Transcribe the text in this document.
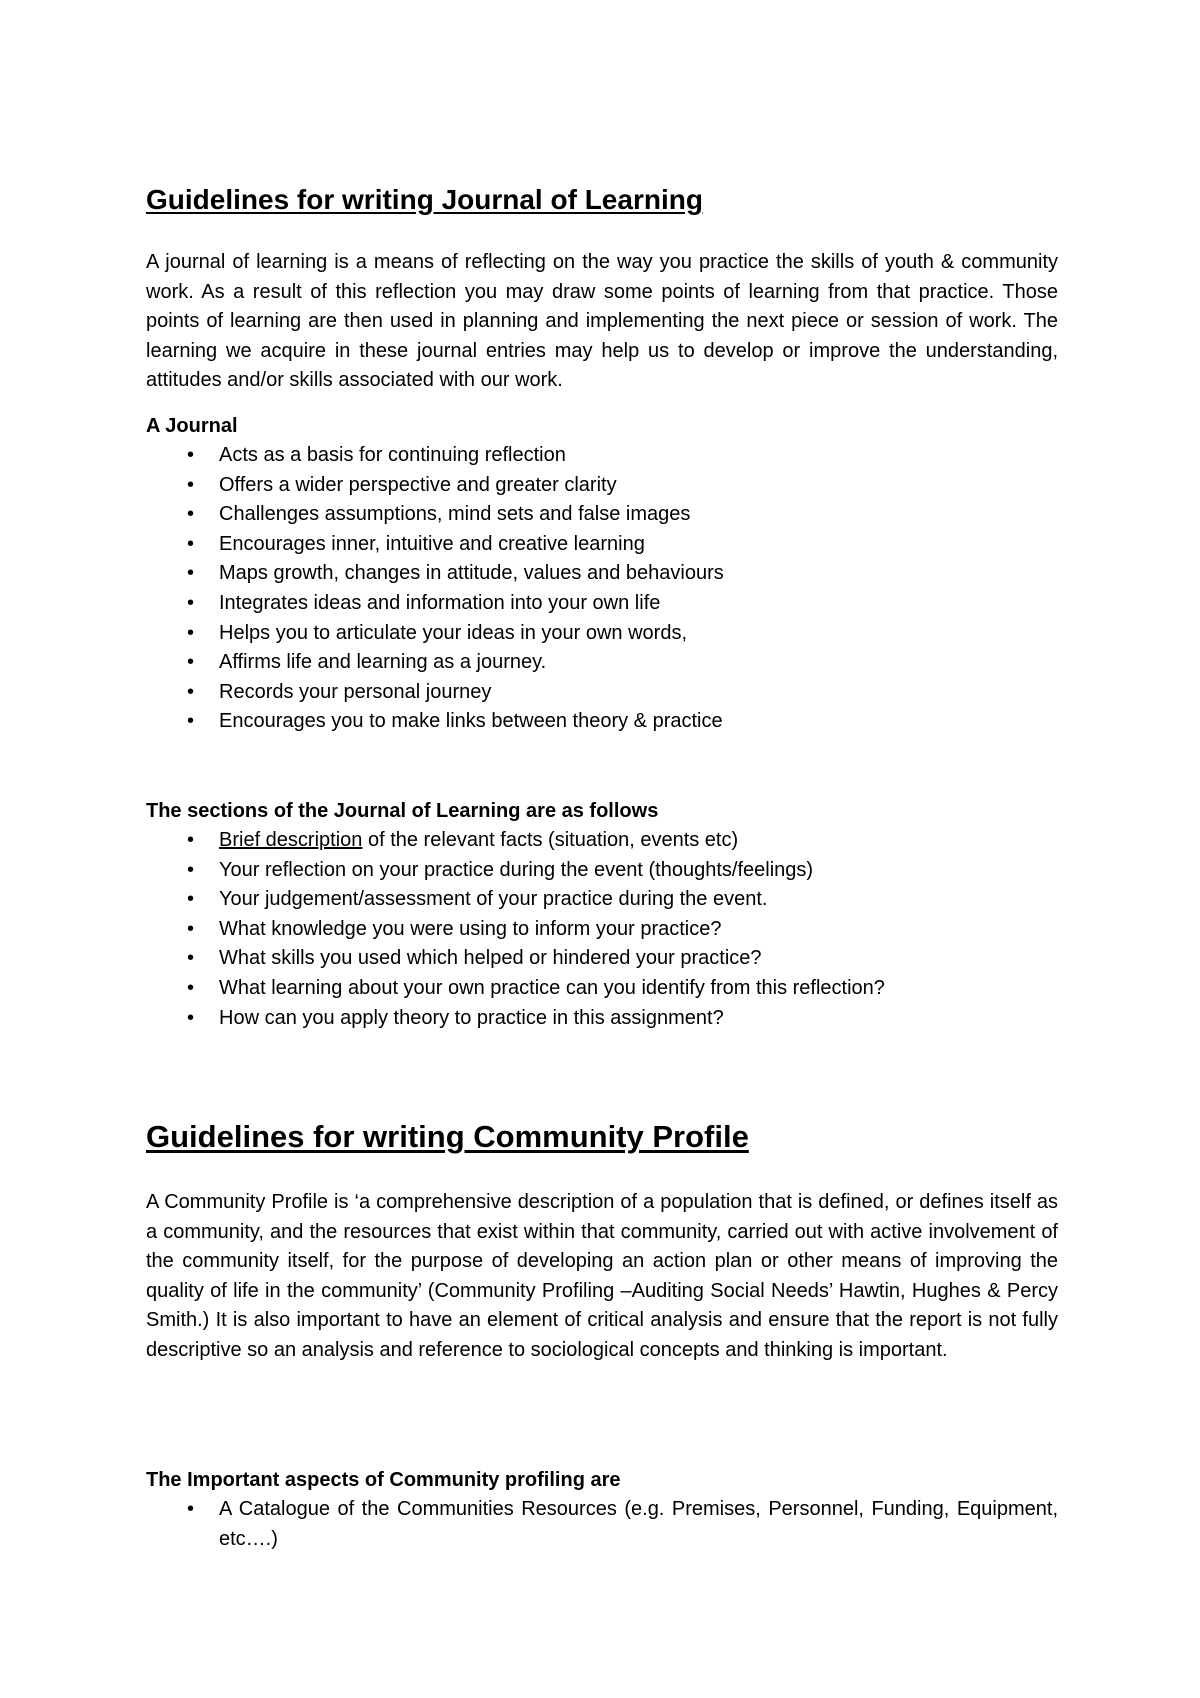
Guidelines for writing Journal of Learning

A journal of learning is a means of reflecting on the way you practice the skills of youth & community work. As a result of this reflection you may draw some points of learning from that practice. Those points of learning are then used in planning and implementing the next piece or session of work. The learning we acquire in these journal entries may help us to develop or improve the understanding, attitudes and/or skills associated with our work.

A Journal

• Acts as a basis for continuing reflection
• Offers a wider perspective and greater clarity
• Challenges assumptions, mind sets and false images
• Encourages inner, intuitive and creative learning
• Maps growth, changes in attitude, values and behaviours
• Integrates ideas and information into your own life
• Helps you to articulate your ideas in your own words,
• Affirms life and learning as a journey.
• Records your personal journey
• Encourages you to make links between theory & practice

The sections of the Journal of Learning are as follows

• Brief description of the relevant facts (situation, events etc)
• Your reflection on your practice during the event (thoughts/feelings)
• Your judgement/assessment of your practice during the event.
• What knowledge you were using to inform your practice?
• What skills you used which helped or hindered your practice?
• What learning about your own practice can you identify from this reflection?
• How can you apply theory to practice in this assignment?
Guidelines for writing Community Profile

A Community Profile is ‘a comprehensive description of a population that is defined, or defines itself as a community, and the resources that exist within that community, carried out with active involvement of the community itself, for the purpose of developing an action plan or other means of improving the quality of life in the community’ (Community Profiling –Auditing Social Needs’ Hawtin, Hughes & Percy Smith.) It is also important to have an element of critical analysis and ensure that the report is not fully descriptive so an analysis and reference to sociological concepts and thinking is important.

The Important aspects of Community profiling are

• A Catalogue of the Communities Resources (e.g. Premises, Personnel, Funding, Equipment, etc….)
